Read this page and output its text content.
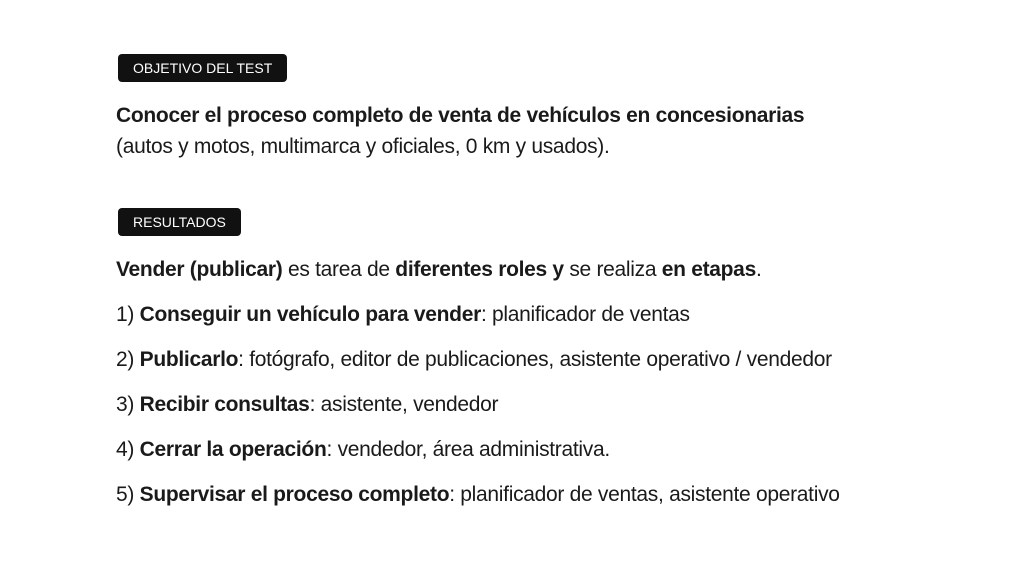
OBJETIVO DEL TEST
Conocer el proceso completo de venta de vehículos en concesionarias
(autos y motos, multimarca y oficiales, 0 km y usados).
RESULTADOS
Vender (publicar) es tarea de diferentes roles y se realiza en etapas.
1) Conseguir un vehículo para vender: planificador de ventas
2) Publicarlo: fotógrafo, editor de publicaciones, asistente operativo / vendedor
3) Recibir consultas: asistente, vendedor
4) Cerrar la operación: vendedor, área administrativa.
5) Supervisar el proceso completo: planificador de ventas, asistente operativo
